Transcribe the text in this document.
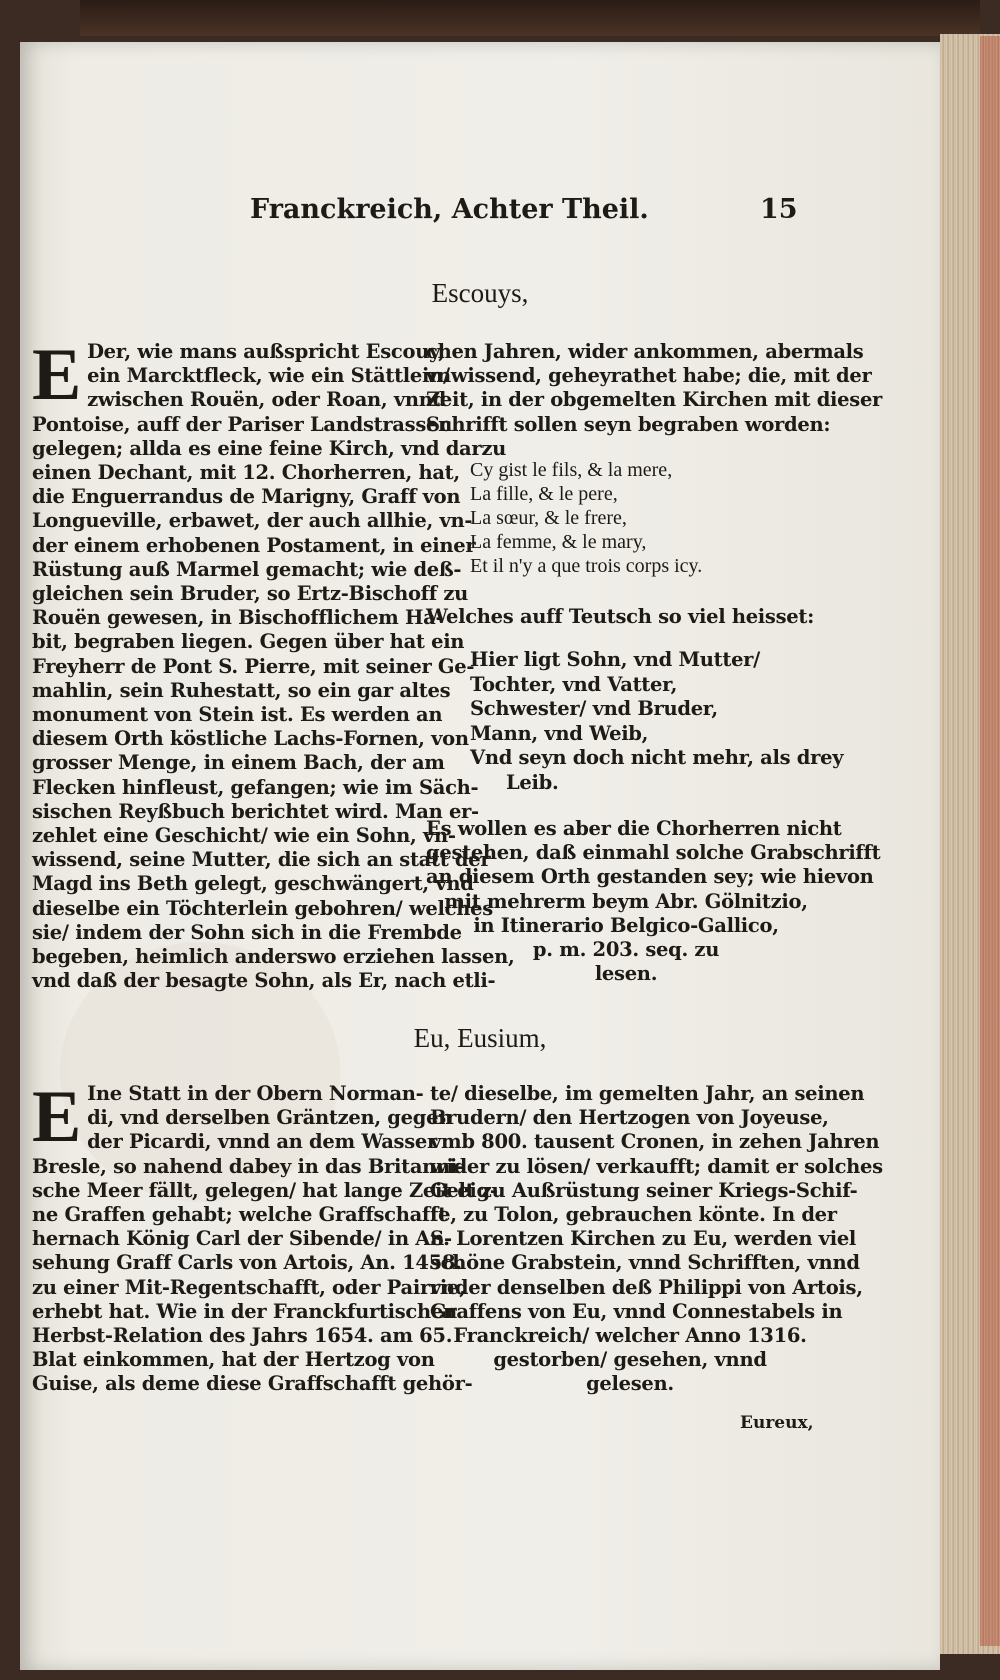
Franckreich, Achter Theil.	15
Escouys,
E Der, wie mans außspricht Escouy,

ein Marcktfleck, wie ein Stättlein/

zwischen Rouën, oder Roan, vnnd

Pontoise, auff der Pariser Landstrassen

gelegen; allda es eine feine Kirch, vnd darzu

einen Dechant, mit 12. Chorherren, hat,

die Enguerrandus de Marigny, Graff von

Longueville, erbawet, der auch allhie, vn-

der einem erhobenen Postament, in einer

Rüstung auß Marmel gemacht; wie deß-

gleichen sein Bruder, so Ertz-Bischoff zu

Rouën gewesen, in Bischofflichem Ha-

bit, begraben liegen. Gegen über hat ein

Freyherr de Pont S. Pierre, mit seiner Ge-

mahlin, sein Ruhestatt, so ein gar altes

monument von Stein ist. Es werden an

diesem Orth köstliche Lachs-Fornen, von

grosser Menge, in einem Bach, der am

Flecken hinfleust, gefangen; wie im Säch-

sischen Reyßbuch berichtet wird. Man er-

zehlet eine Geschicht/ wie ein Sohn, vn-

wissend, seine Mutter, die sich an statt der

Magd ins Beth gelegt, geschwängert, vnd

dieselbe ein Töchterlein gebohren/ welches

sie/ indem der Sohn sich in die Frembde

begeben, heimlich anderswo erziehen lassen,

vnd daß der besagte Sohn, als Er, nach etli-

chen Jahren, wider ankommen, abermals

vnwissend, geheyrathet habe; die, mit der

Zeit, in der obgemelten Kirchen mit dieser

Schrifft sollen seyn begraben worden:

Cy gist le fils, & la mere,

La fille, & le pere,

La sœur, & le frere,

La femme, & le mary,

Et il n'y a que trois corps icy.

Welches auff Teutsch so viel heisset:

Hier ligt Sohn, vnd Mutter/

Tochter, vnd Vatter,

Schwester/ vnd Bruder,

Mann, vnd Weib,

Vnd seyn doch nicht mehr, als drey

Leib.

Es wollen es aber die Chorherren nicht

gestehen, daß einmahl solche Grabschrifft

an diesem Orth gestanden sey; wie hievon

mit mehrerm beym Abr. Gölnitzio,

in Itinerario Belgico-Gallico,

p. m. 203. seq. zu

lesen.

Eu, Eusium,
E Ine Statt in der Obern Norman-

di, vnd derselben Gräntzen, gegen

der Picardi, vnnd an dem Wasser

Bresle, so nahend dabey in das Britanni-

sche Meer fällt, gelegen/ hat lange Zeit eig-

ne Graffen gehabt; welche Graffschafft

hernach König Carl der Sibende/ in An-

sehung Graff Carls von Artois, An. 1458.

zu einer Mit-Regentschafft, oder Pairrie,

erhebt hat. Wie in der Franckfurtischen

Herbst-Relation des Jahrs 1654. am 65.

Blat einkommen, hat der Hertzog von

Guise, als deme diese Graffschafft gehör-

te/ dieselbe, im gemelten Jahr, an seinen

Brudern/ den Hertzogen von Joyeuse,

vmb 800. tausent Cronen, in zehen Jahren

wider zu lösen/ verkaufft; damit er solches

Gelt zu Außrüstung seiner Kriegs-Schif-

fe, zu Tolon, gebrauchen könte. In der

S. Lorentzen Kirchen zu Eu, werden viel

schöne Grabstein, vnnd Schrifften, vnnd

vnder denselben deß Philippi von Artois,

Graffens von Eu, vnnd Connestabels in

Franckreich/ welcher Anno 1316.

gestorben/ gesehen, vnnd

gelesen.

Eureux,
